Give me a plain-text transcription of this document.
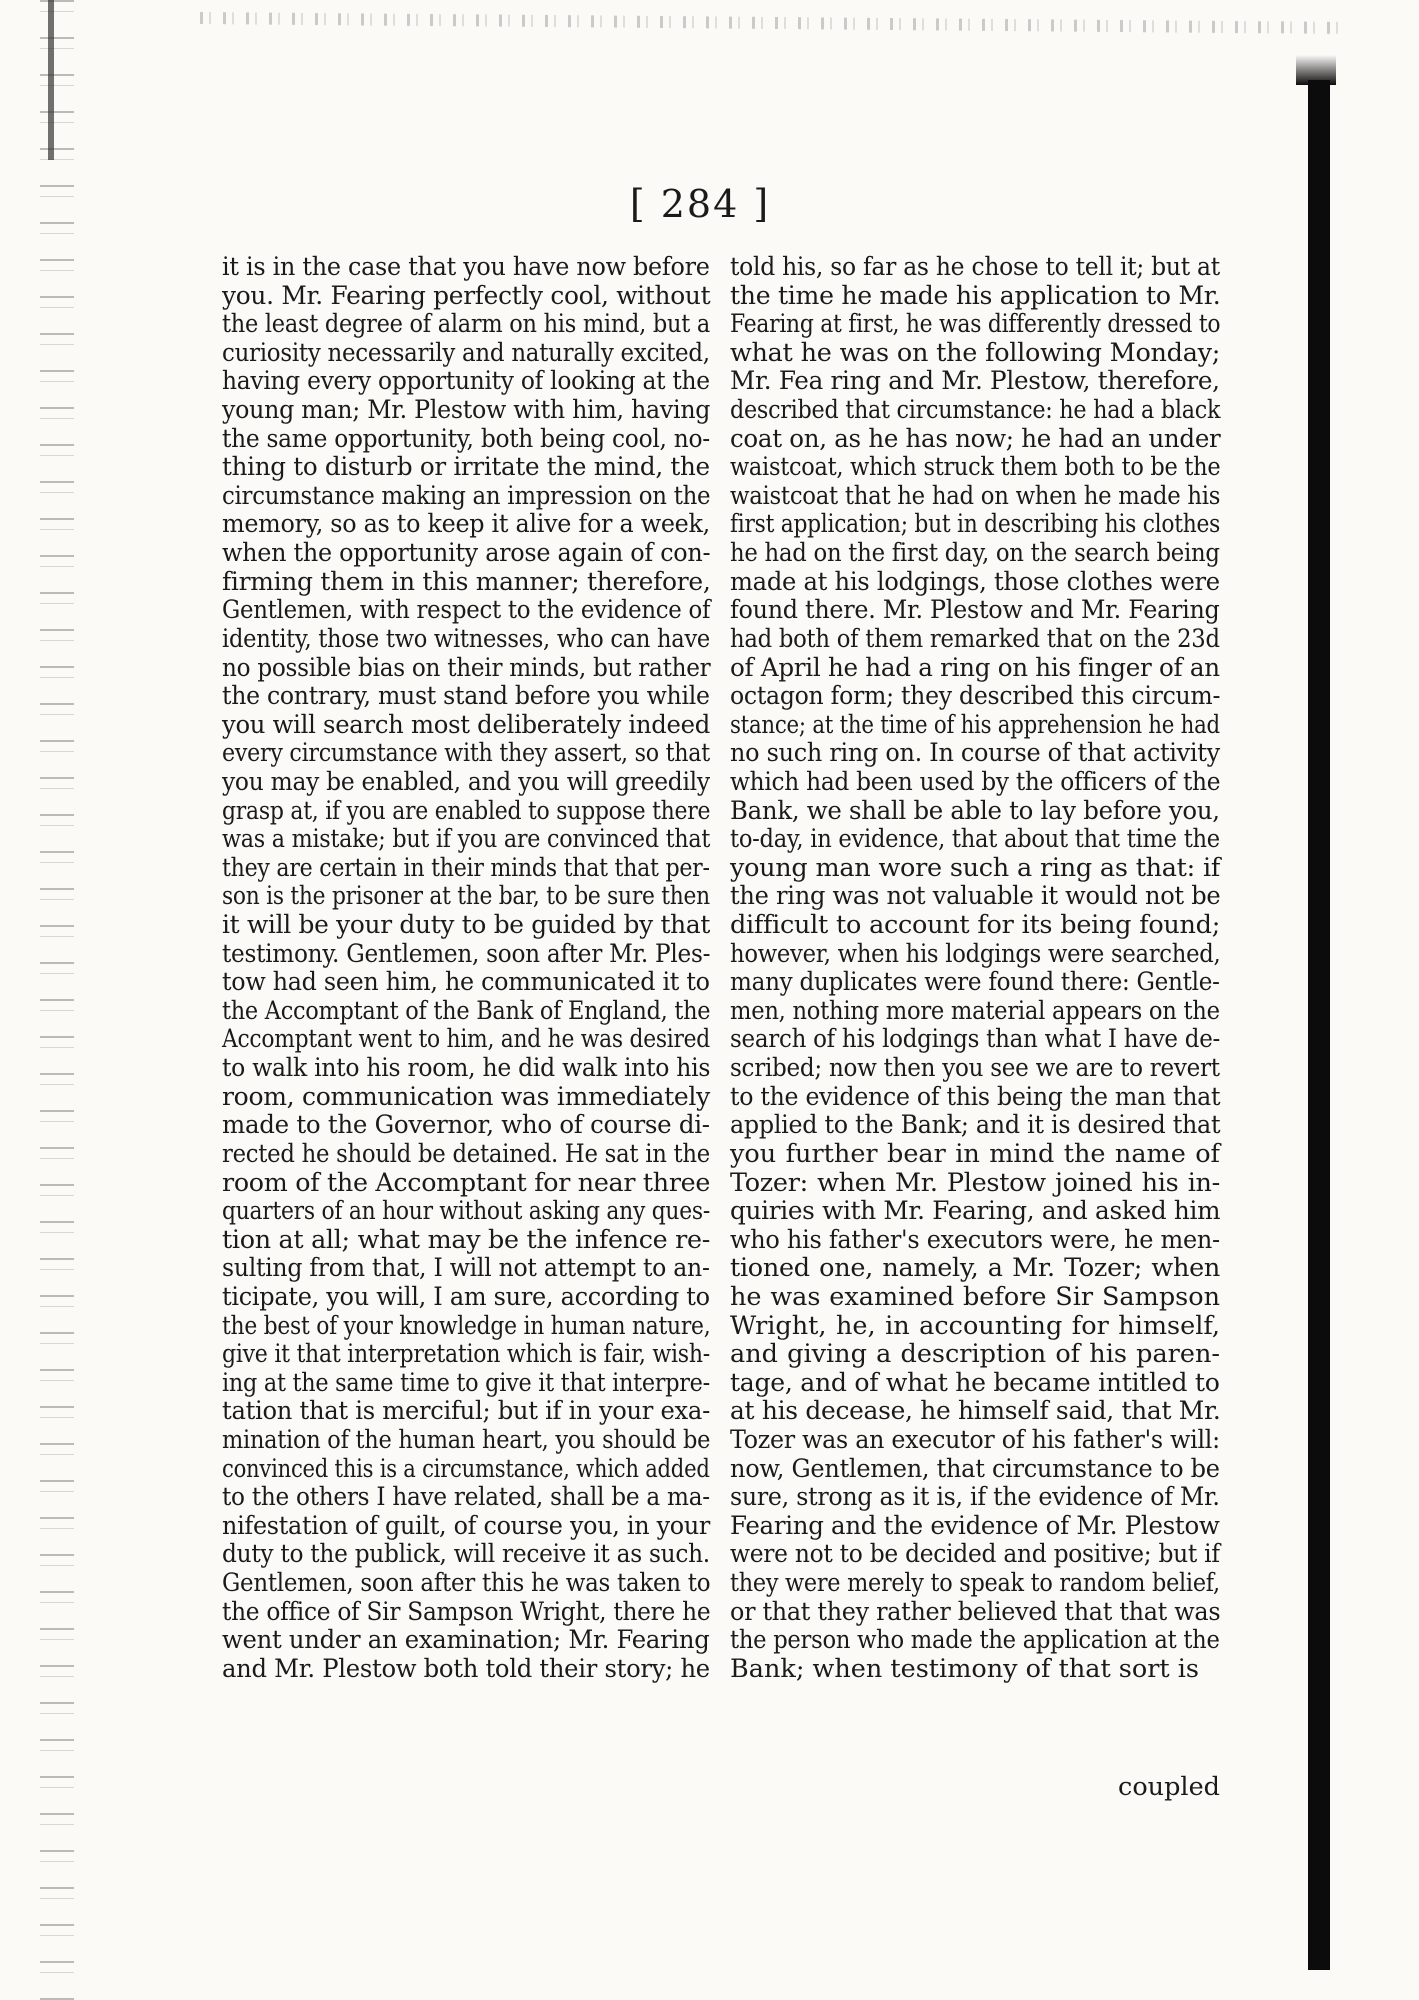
[ 284 ]
it is in the case that you have now before
you. Mr. Fearing perfectly cool, without
the least degree of alarm on his mind, but a
curiosity necessarily and naturally excited,
having every opportunity of looking at the
young man; Mr. Plestow with him, having
the same opportunity, both being cool, no-
thing to disturb or irritate the mind, the
circumstance making an impression on the
memory, so as to keep it alive for a week,
when the opportunity arose again of con-
firming them in this manner; therefore,
Gentlemen, with respect to the evidence of
identity, those two witnesses, who can have
no possible bias on their minds, but rather
the contrary, must stand before you while
you will search most deliberately indeed
every circumstance with they assert, so that
you may be enabled, and you will greedily
grasp at, if you are enabled to suppose there
was a mistake; but if you are convinced that
they are certain in their minds that that per-
son is the prisoner at the bar, to be sure then
it will be your duty to be guided by that
testimony. Gentlemen, soon after Mr. Ples-
tow had seen him, he communicated it to
the Accomptant of the Bank of England, the
Accomptant went to him, and he was desired
to walk into his room, he did walk into his
room, communication was immediately
made to the Governor, who of course di-
rected he should be detained. He sat in the
room of the Accomptant for near three
quarters of an hour without asking any ques-
tion at all; what may be the infence re-
sulting from that, I will not attempt to an-
ticipate, you will, I am sure, according to
the best of your knowledge in human nature,
give it that interpretation which is fair, wish-
ing at the same time to give it that interpre-
tation that is merciful; but if in your exa-
mination of the human heart, you should be
convinced this is a circumstance, which added
to the others I have related, shall be a ma-
nifestation of guilt, of course you, in your
duty to the publick, will receive it as such.
Gentlemen, soon after this he was taken to
the office of Sir Sampson Wright, there he
went under an examination; Mr. Fearing
and Mr. Plestow both told their story; he
told his, so far as he chose to tell it; but at
the time he made his application to Mr.
Fearing at first, he was differently dressed to
what he was on the following Monday;
Mr. Fea ring and Mr. Plestow, therefore,
described that circumstance: he had a black
coat on, as he has now; he had an under
waistcoat, which struck them both to be the
waistcoat that he had on when he made his
first application; but in describing his clothes
he had on the first day, on the search being
made at his lodgings, those clothes were
found there. Mr. Plestow and Mr. Fearing
had both of them remarked that on the 23d
of April he had a ring on his finger of an
octagon form; they described this circum-
stance; at the time of his apprehension he had
no such ring on. In course of that activity
which had been used by the officers of the
Bank, we shall be able to lay before you,
to-day, in evidence, that about that time the
young man wore such a ring as that: if
the ring was not valuable it would not be
difficult to account for its being found;
however, when his lodgings were searched,
many duplicates were found there: Gentle-
men, nothing more material appears on the
search of his lodgings than what I have de-
scribed; now then you see we are to revert
to the evidence of this being the man that
applied to the Bank; and it is desired that
you further bear in mind the name of
Tozer: when Mr. Plestow joined his in-
quiries with Mr. Fearing, and asked him
who his father's executors were, he men-
tioned one, namely, a Mr. Tozer; when
he was examined before Sir Sampson
Wright, he, in accounting for himself,
and giving a description of his paren-
tage, and of what he became intitled to
at his decease, he himself said, that Mr.
Tozer was an executor of his father's will:
now, Gentlemen, that circumstance to be
sure, strong as it is, if the evidence of Mr.
Fearing and the evidence of Mr. Plestow
were not to be decided and positive; but if
they were merely to speak to random belief,
or that they rather believed that that was
the person who made the application at the
Bank; when testimony of that sort is
coupled
